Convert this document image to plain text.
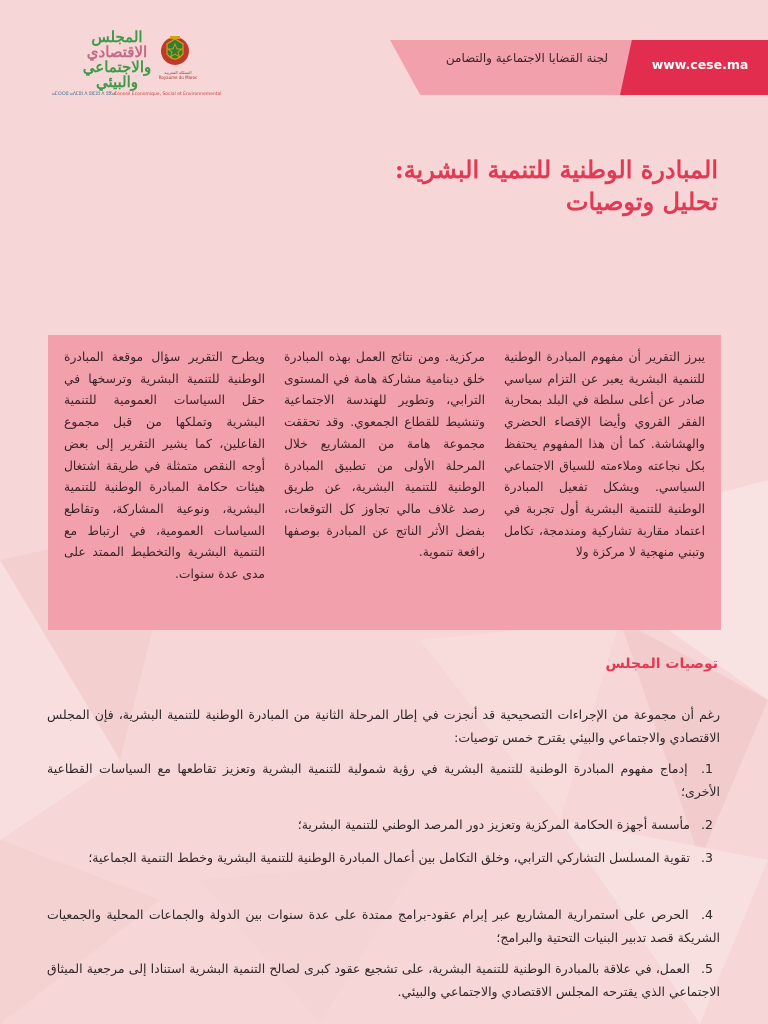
المجلس
الاقتصادي
والاجتماعي
والبيئي
المملكة المغربية Royaume du Maroc
ⴰⵎⵔⵔⵓ ⴰⴷⵎⵓⵏ ⴷ ⵓⵏⵎⵓⵏ ⴷ ⵓⴳⴰⵏ
Conseil Economique, Social et Environnemental
لجنة القضايا الاجتماعية والتضامن	www.cese.ma
المبادرة الوطنية للتنمية البشرية:
تحليل وتوصيات
يبرز التقرير أن مفهوم المبادرة الوطنية للتنمية البشرية يعبر عن التزام سياسي صادر عن أعلى سلطة في البلد بمحاربة الفقر القروي وأيضا الإقصاء الحضري والهشاشة. كما أن هذا المفهوم يحتفظ بكل نجاعته وملاءمته للسياق الاجتماعي السياسي. ويشكل تفعيل المبادرة الوطنية للتنمية البشرية أول تجربة في اعتماد مقاربة تشاركية ومندمجة، تكامل وتبني منهجية لا مركزة ولا
مركزية. ومن نتائج العمل بهذه المبادرة خلق دينامية مشاركة هامة في المستوى الترابي، وتطوير للهندسة الاجتماعية وتنشيط للقطاع الجمعوي. وقد تحققت مجموعة هامة من المشاريع خلال المرحلة الأولى من تطبيق المبادرة الوطنية للتنمية البشرية، عن طريق رصد غلاف مالي تجاوز كل التوقعات، بفضل الأثر الناتج عن المبادرة بوصفها رافعة تنموية.
ويطرح التقرير سؤال موقعة المبادرة الوطنية للتنمية البشرية وترسخها في حقل السياسات العمومية للتنمية البشرية وتملكها من قبل مجموع الفاعلين، كما يشير التقرير إلى بعض أوجه النقص متمثلة في طريقة اشتغال هيئات حكامة المبادرة الوطنية للتنمية البشرية، ونوعية المشاركة، وتقاطع السياسات العمومية، في ارتباط مع التنمية البشرية والتخطيط الممتد على مدى عدة سنوات.
توصيات المجلس
رغم أن مجموعة من الإجراءات التصحيحية قد أنجزت في إطار المرحلة الثانية من المبادرة الوطنية للتنمية البشرية، فإن المجلس الاقتصادي والاجتماعي والبيئي يقترح خمس توصيات:
1. إدماج مفهوم المبادرة الوطنية للتنمية البشرية في رؤية شمولية للتنمية البشرية وتعزيز تقاطعها مع السياسات القطاعية الأخرى؛
2. مأسسة أجهزة الحكامة المركزية وتعزيز دور المرصد الوطني للتنمية البشرية؛
3. تقوية المسلسل التشاركي الترابي، وخلق التكامل بين أعمال المبادرة الوطنية للتنمية البشرية وخطط التنمية الجماعية؛
4. الحرص على استمرارية المشاريع عبر إبرام عقود-برامج ممتدة على عدة سنوات بين الدولة والجماعات المحلية والجمعيات الشريكة قصد تدبير البنيات التحتية والبرامج؛
5. العمل، في علاقة بالمبادرة الوطنية للتنمية البشرية، على تشجيع عقود كبرى لصالح التنمية البشرية استنادا إلى مرجعية الميثاق الاجتماعي الذي يقترحه المجلس الاقتصادي والاجتماعي والبيئي.
